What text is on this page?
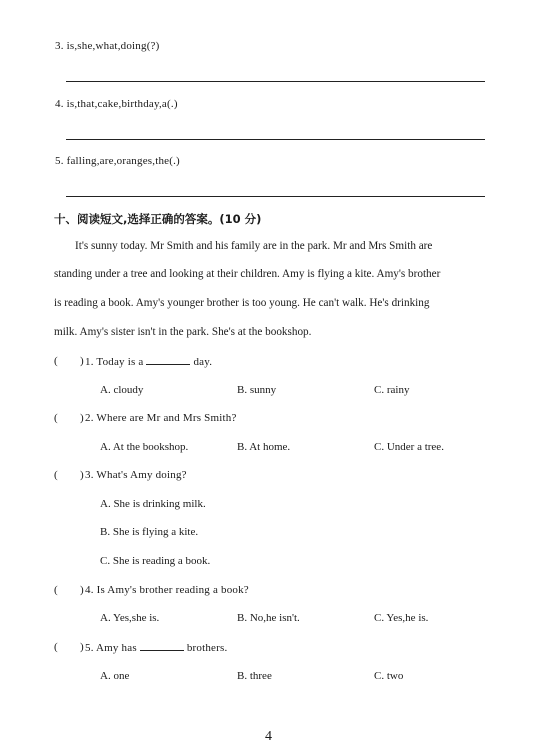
3. is,she,what,doing(?)
4. is,that,cake,birthday,a(.)
5. falling,are,oranges,the(.)
十、阅读短文,选择正确的答案。(10 分)
It's sunny today. Mr Smith and his family are in the park. Mr and Mrs Smith are
standing under a tree and looking at their children. Amy is flying a kite. Amy's brother
is reading a book. Amy's younger brother is too young. He can't walk. He's drinking
milk. Amy's sister isn't in the park. She's at the bookshop.
( ) 1. Today is a	day.
A. cloudy	B. sunny	C. rainy
( ) 2. Where are Mr and Mrs Smith?
A. At the bookshop.	B. At home.	C. Under a tree.
( ) 3. What's Amy doing?
A. She is drinking milk.
B. She is flying a kite.
C. She is reading a book.
( ) 4. Is Amy's brother reading a book?
A. Yes,she is.	B. No,he isn't.	C. Yes,he is.
( ) 5. Amy has	brothers.
A. one	B. three	C. two
4
